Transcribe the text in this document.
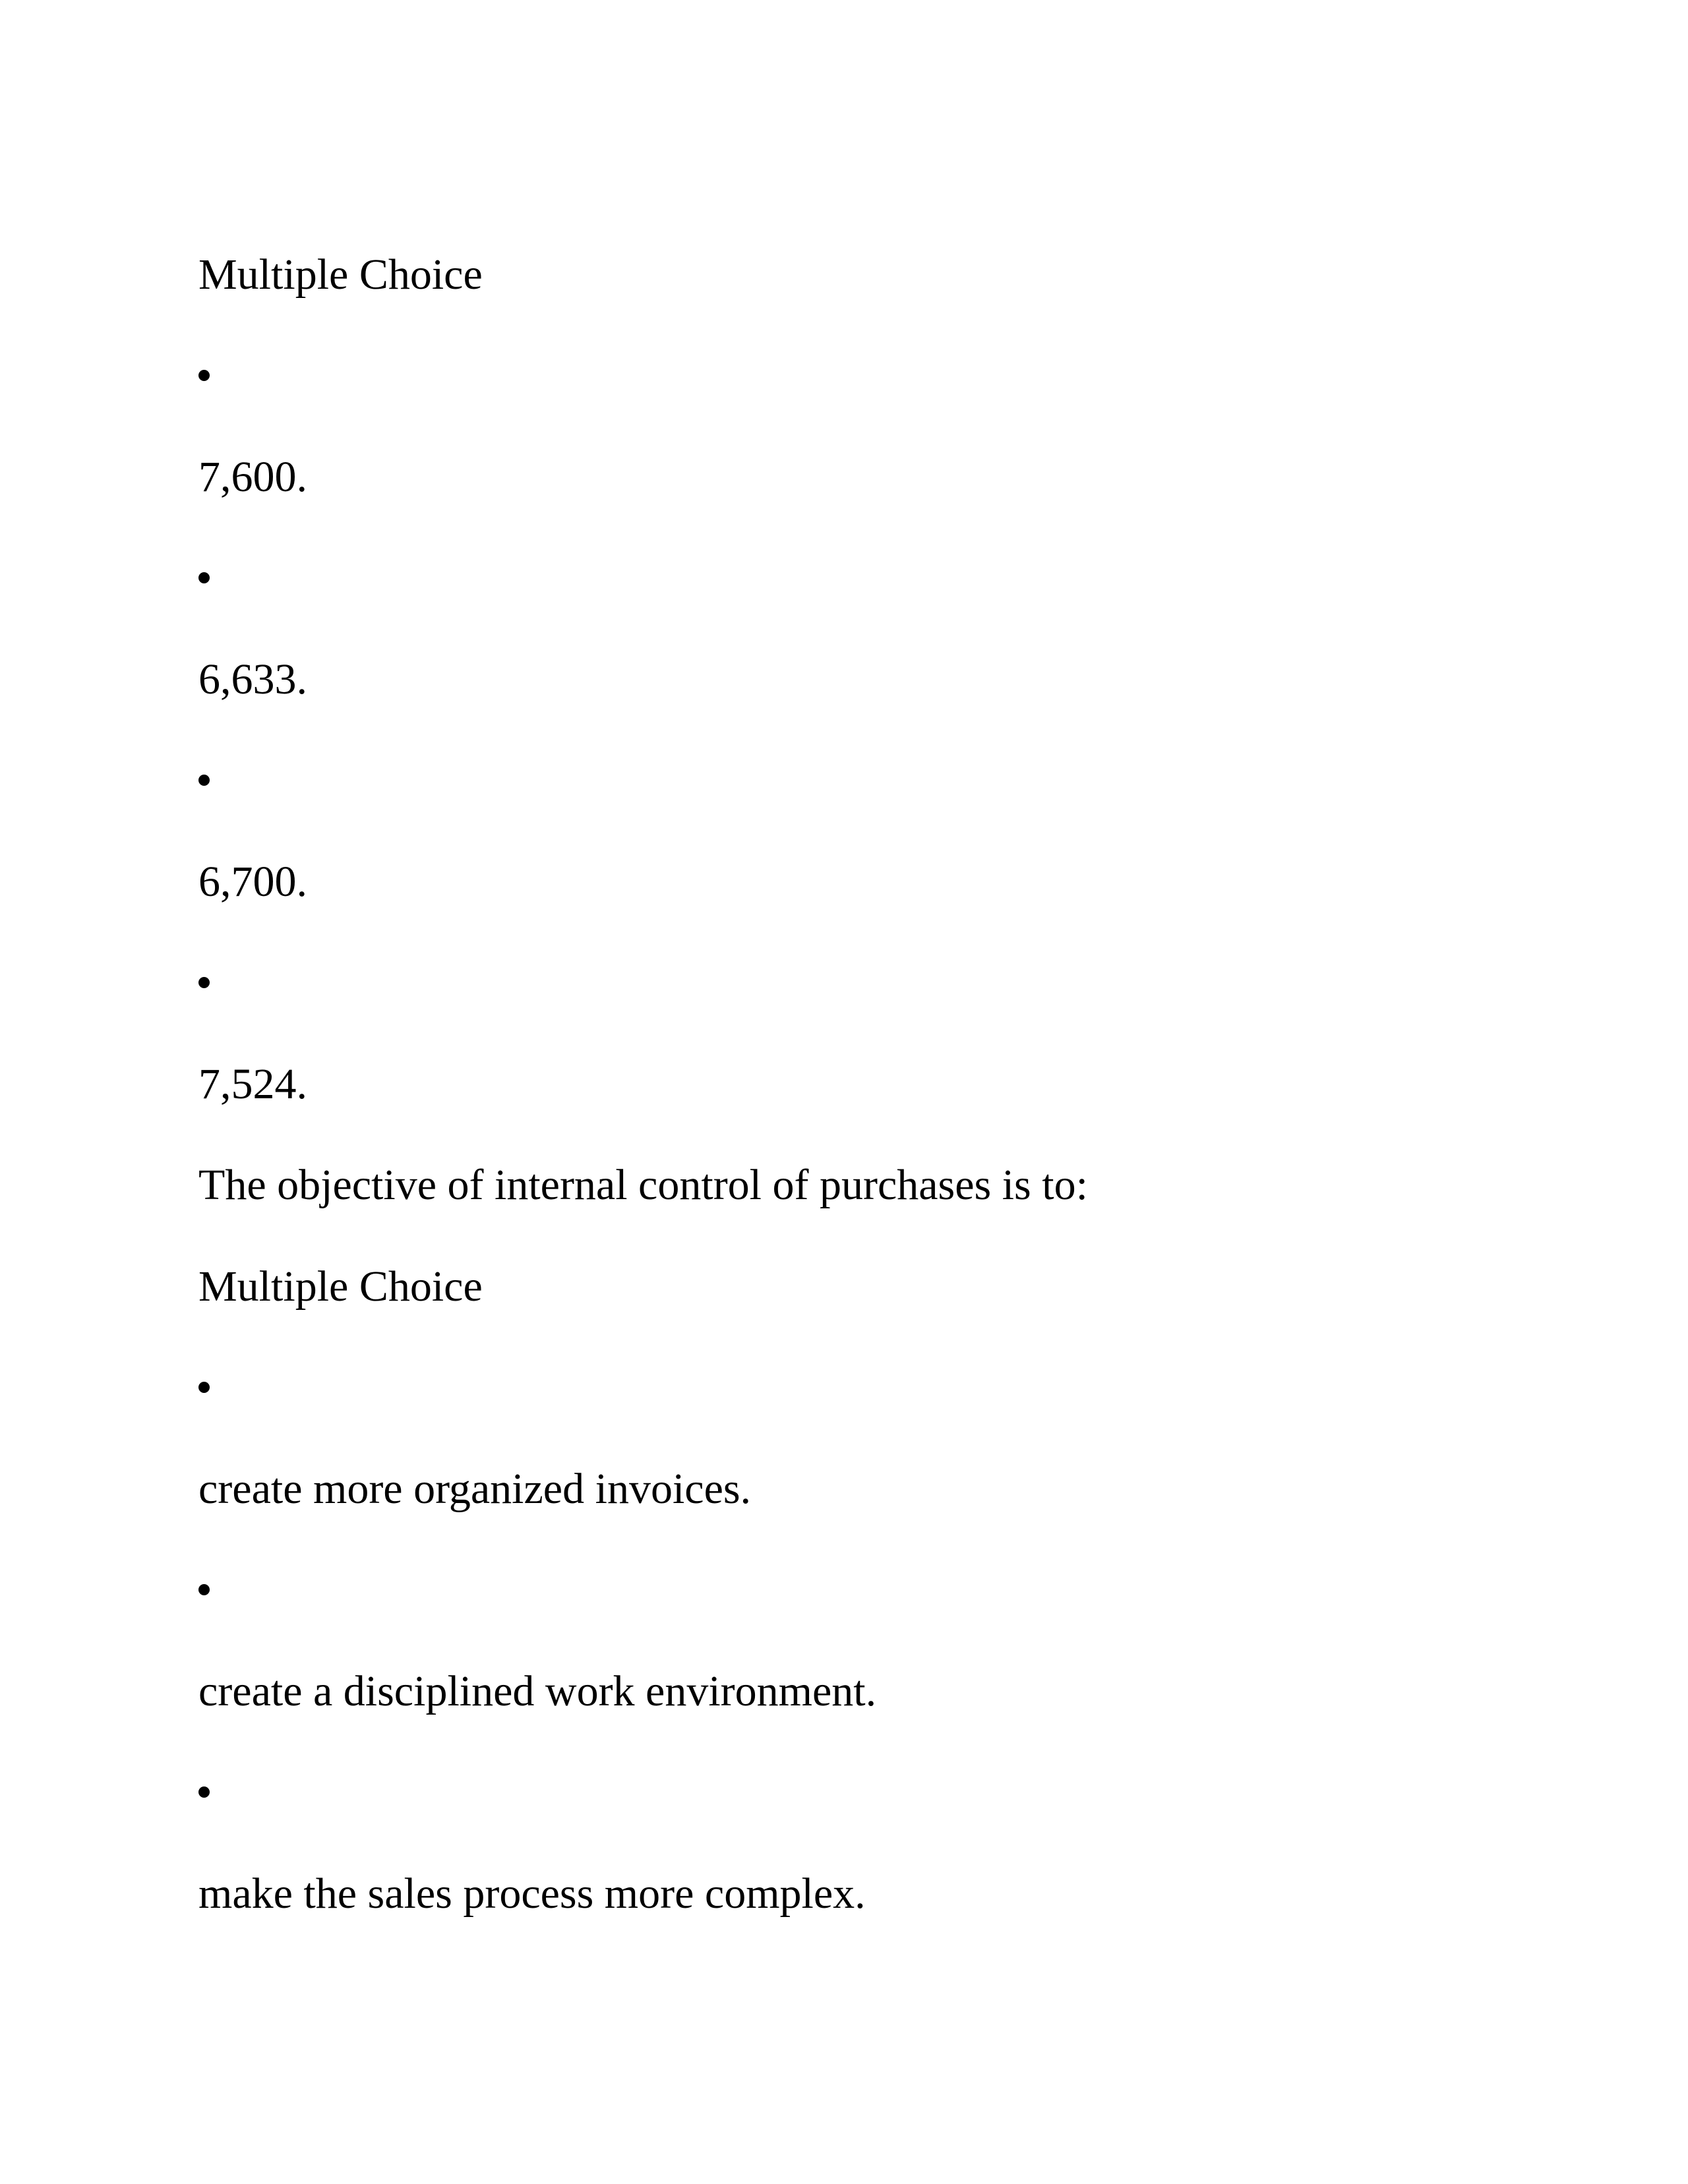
Multiple Choice
7,600.
6,633.
6,700.
7,524.
The objective of internal control of purchases is to:
Multiple Choice
create more organized invoices.
create a disciplined work environment.
make the sales process more complex.
